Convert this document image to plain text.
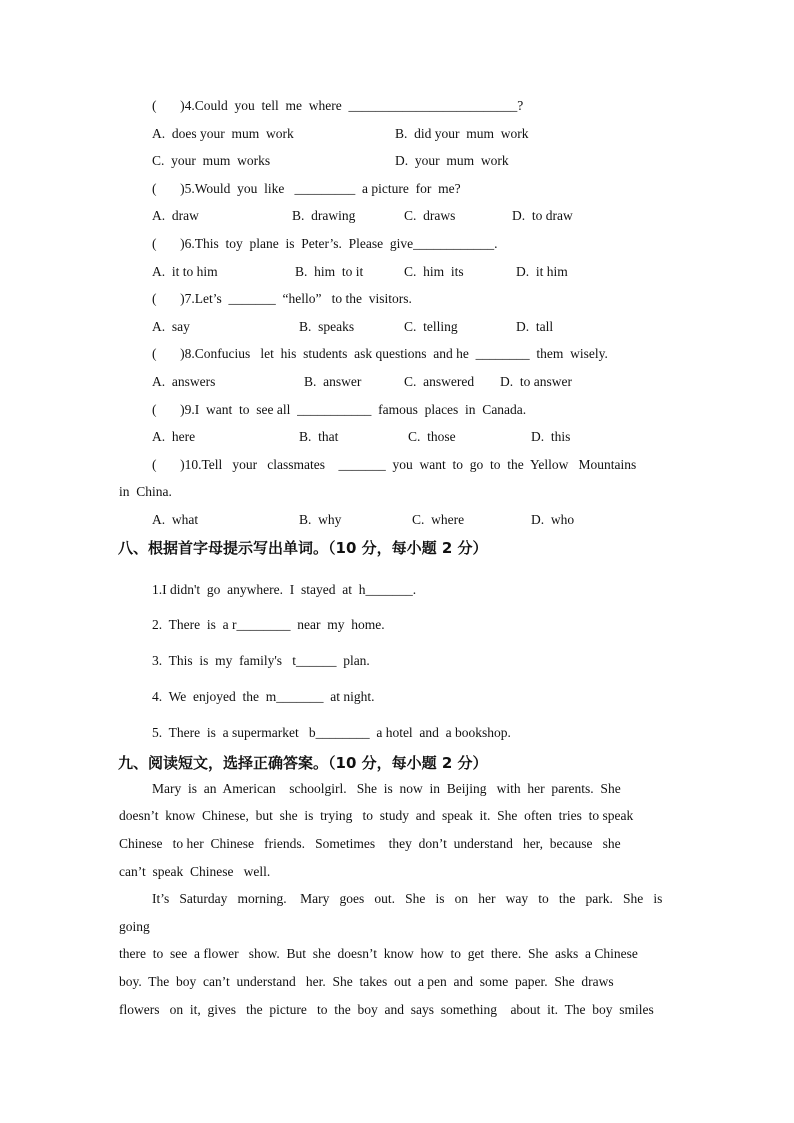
(       )4.Could  you  tell  me  where  _________________________?
A.  does your  mum  work	B.  did your  mum  work
C.  your  mum  works	D.  your  mum  work
(       )5.Would  you  like   _________  a picture  for  me?
A.  draw	B.  drawing	C.  draws	D.  to draw
(       )6.This  toy  plane  is  Peter’s.  Please  give____________.
A.  it to him	B.  him  to it	C.  him  its	D.  it him
(       )7.Let’s  _______  “hello”   to the  visitors.
A.  say	B.  speaks	C.  telling	D.  tall
(       )8.Confucius   let  his  students  ask questions  and he  ________  them  wisely.
A.  answers	B.  answer	C.  answered D.  to answer
(       )9.I  want  to  see all  ___________  famous  places  in  Canada.
A.  here	B.  that	C.  those	D.  this
(       )10.Tell   your   classmates    _______  you  want  to  go  to  the  Yellow   Mountains
in  China.
A.  what	B.  why	C.  where	D.  who
八、根据首字母提示写出单词。（10 分，每小题 2 分）
1.I didn't  go  anywhere.  I  stayed  at  h_______.
2.  There  is  a r________  near  my  home.
3.  This  is  my  family's   t______  plan.
4.  We  enjoyed  the  m_______  at night.
5.  There  is  a supermarket   b________  a hotel  and  a bookshop.
九、阅读短文，选择正确答案。（10 分，每小题 2 分）
Mary  is  an  American    schoolgirl.   She  is  now  in  Beijing   with  her  parents.  She
doesn’t  know  Chinese,  but  she  is  trying   to  study  and  speak  it.  She  often  tries  to speak
Chinese   to her  Chinese   friends.   Sometimes    they  don’t  understand   her,  because   she
can’t  speak  Chinese   well.
It’s   Saturday   morning.    Mary   goes   out.   She   is   on   her   way   to   the   park.   She   is
going
there  to  see  a flower   show.  But  she  doesn’t  know  how  to  get  there.  She  asks  a Chinese
boy.  The  boy  can’t  understand   her.  She  takes  out  a pen  and  some  paper.  She  draws
flowers   on  it,  gives   the  picture   to  the  boy  and  says  something    about  it.  The  boy  smiles
